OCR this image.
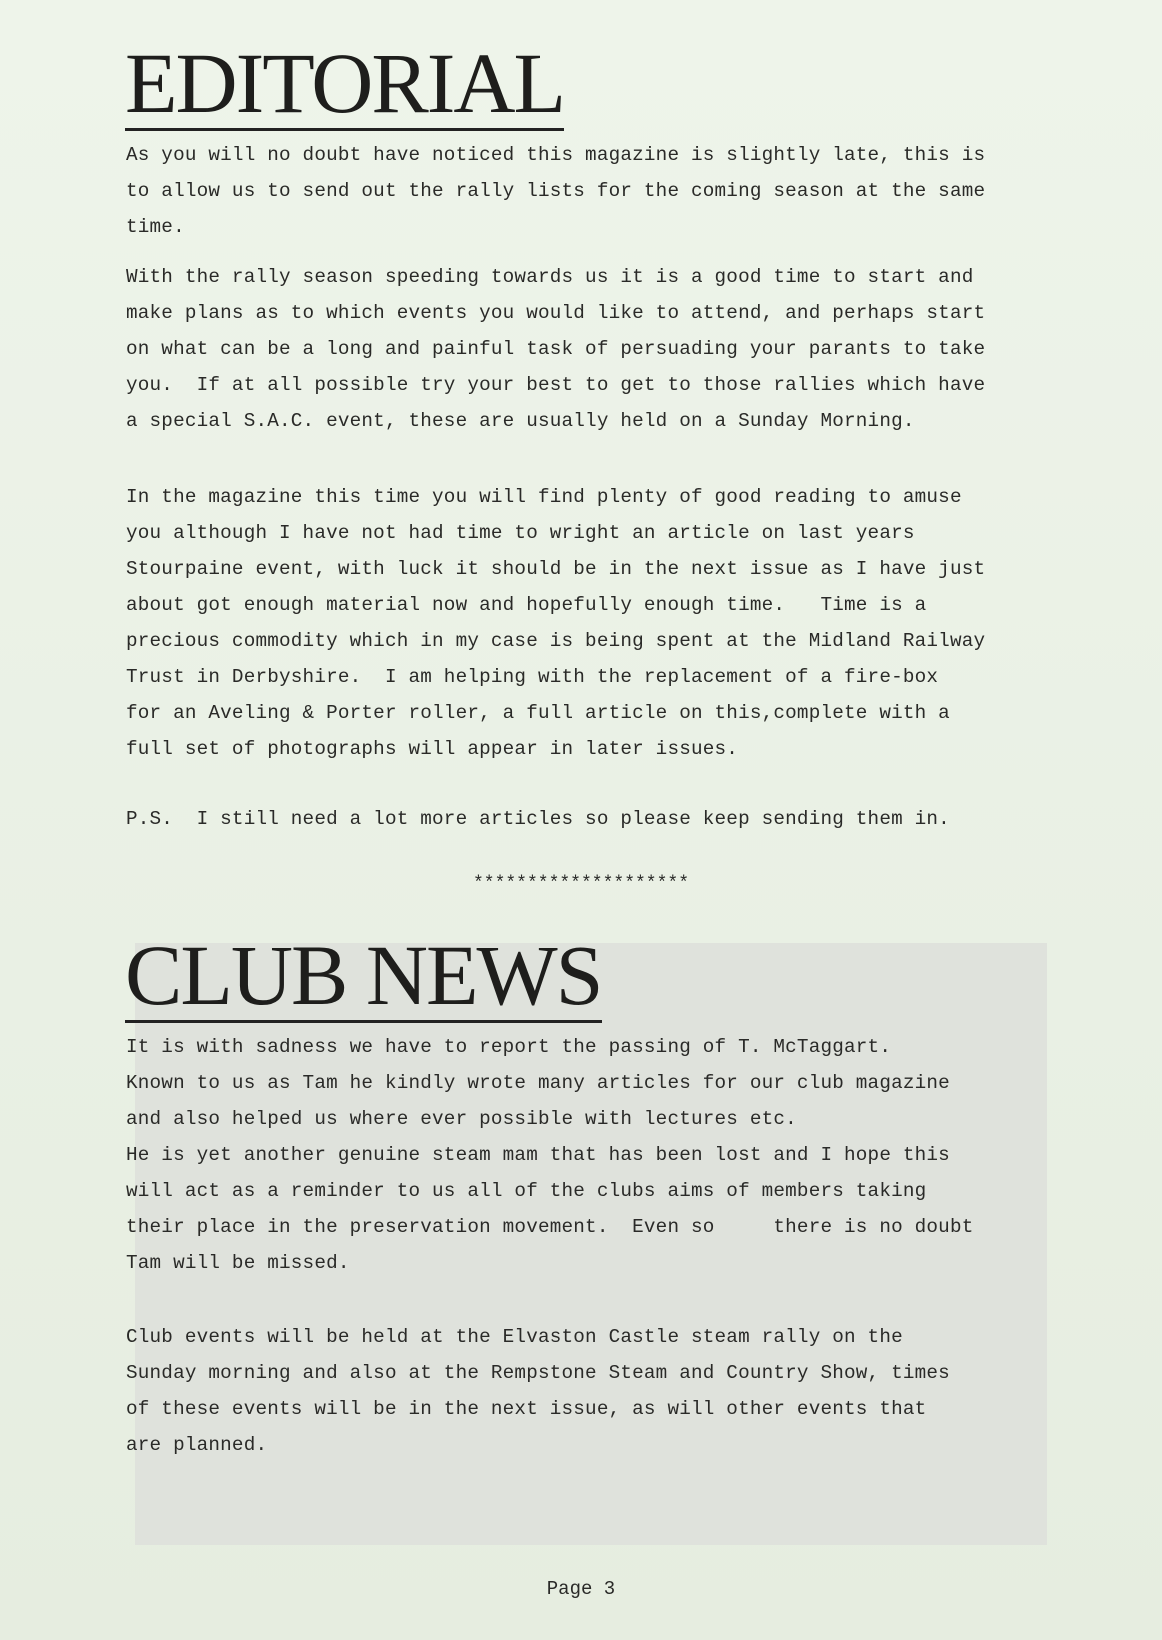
EDITORIAL
As you will no doubt have noticed this magazine is slightly late, this is
to allow us to send out the rally lists for the coming season at the same
time.
With the rally season speeding towards us it is a good time to start and
make plans as to which events you would like to attend, and perhaps start
on what can be a long and painful task of persuading your parants to take
you.  If at all possible try your best to get to those rallies which have
a special S.A.C. event, these are usually held on a Sunday Morning.
In the magazine this time you will find plenty of good reading to amuse
you although I have not had time to wright an article on last years
Stourpaine event, with luck it should be in the next issue as I have just
about got enough material now and hopefully enough time.   Time is a
precious commodity which in my case is being spent at the Midland Railway
Trust in Derbyshire.  I am helping with the replacement of a fire-box
for an Aveling & Porter roller, a full article on this,complete with a
full set of photographs will appear in later issues.
P.S.  I still need a lot more articles so please keep sending them in.
********************
CLUB NEWS
It is with sadness we have to report the passing of T. McTaggart.
Known to us as Tam he kindly wrote many articles for our club magazine
and also helped us where ever possible with lectures etc.
He is yet another genuine steam mam that has been lost and I hope this
will act as a reminder to us all of the clubs aims of members taking
their place in the preservation movement.  Even so     there is no doubt
Tam will be missed.
Club events will be held at the Elvaston Castle steam rally on the
Sunday morning and also at the Rempstone Steam and Country Show, times
of these events will be in the next issue, as will other events that
are planned.
Page 3
